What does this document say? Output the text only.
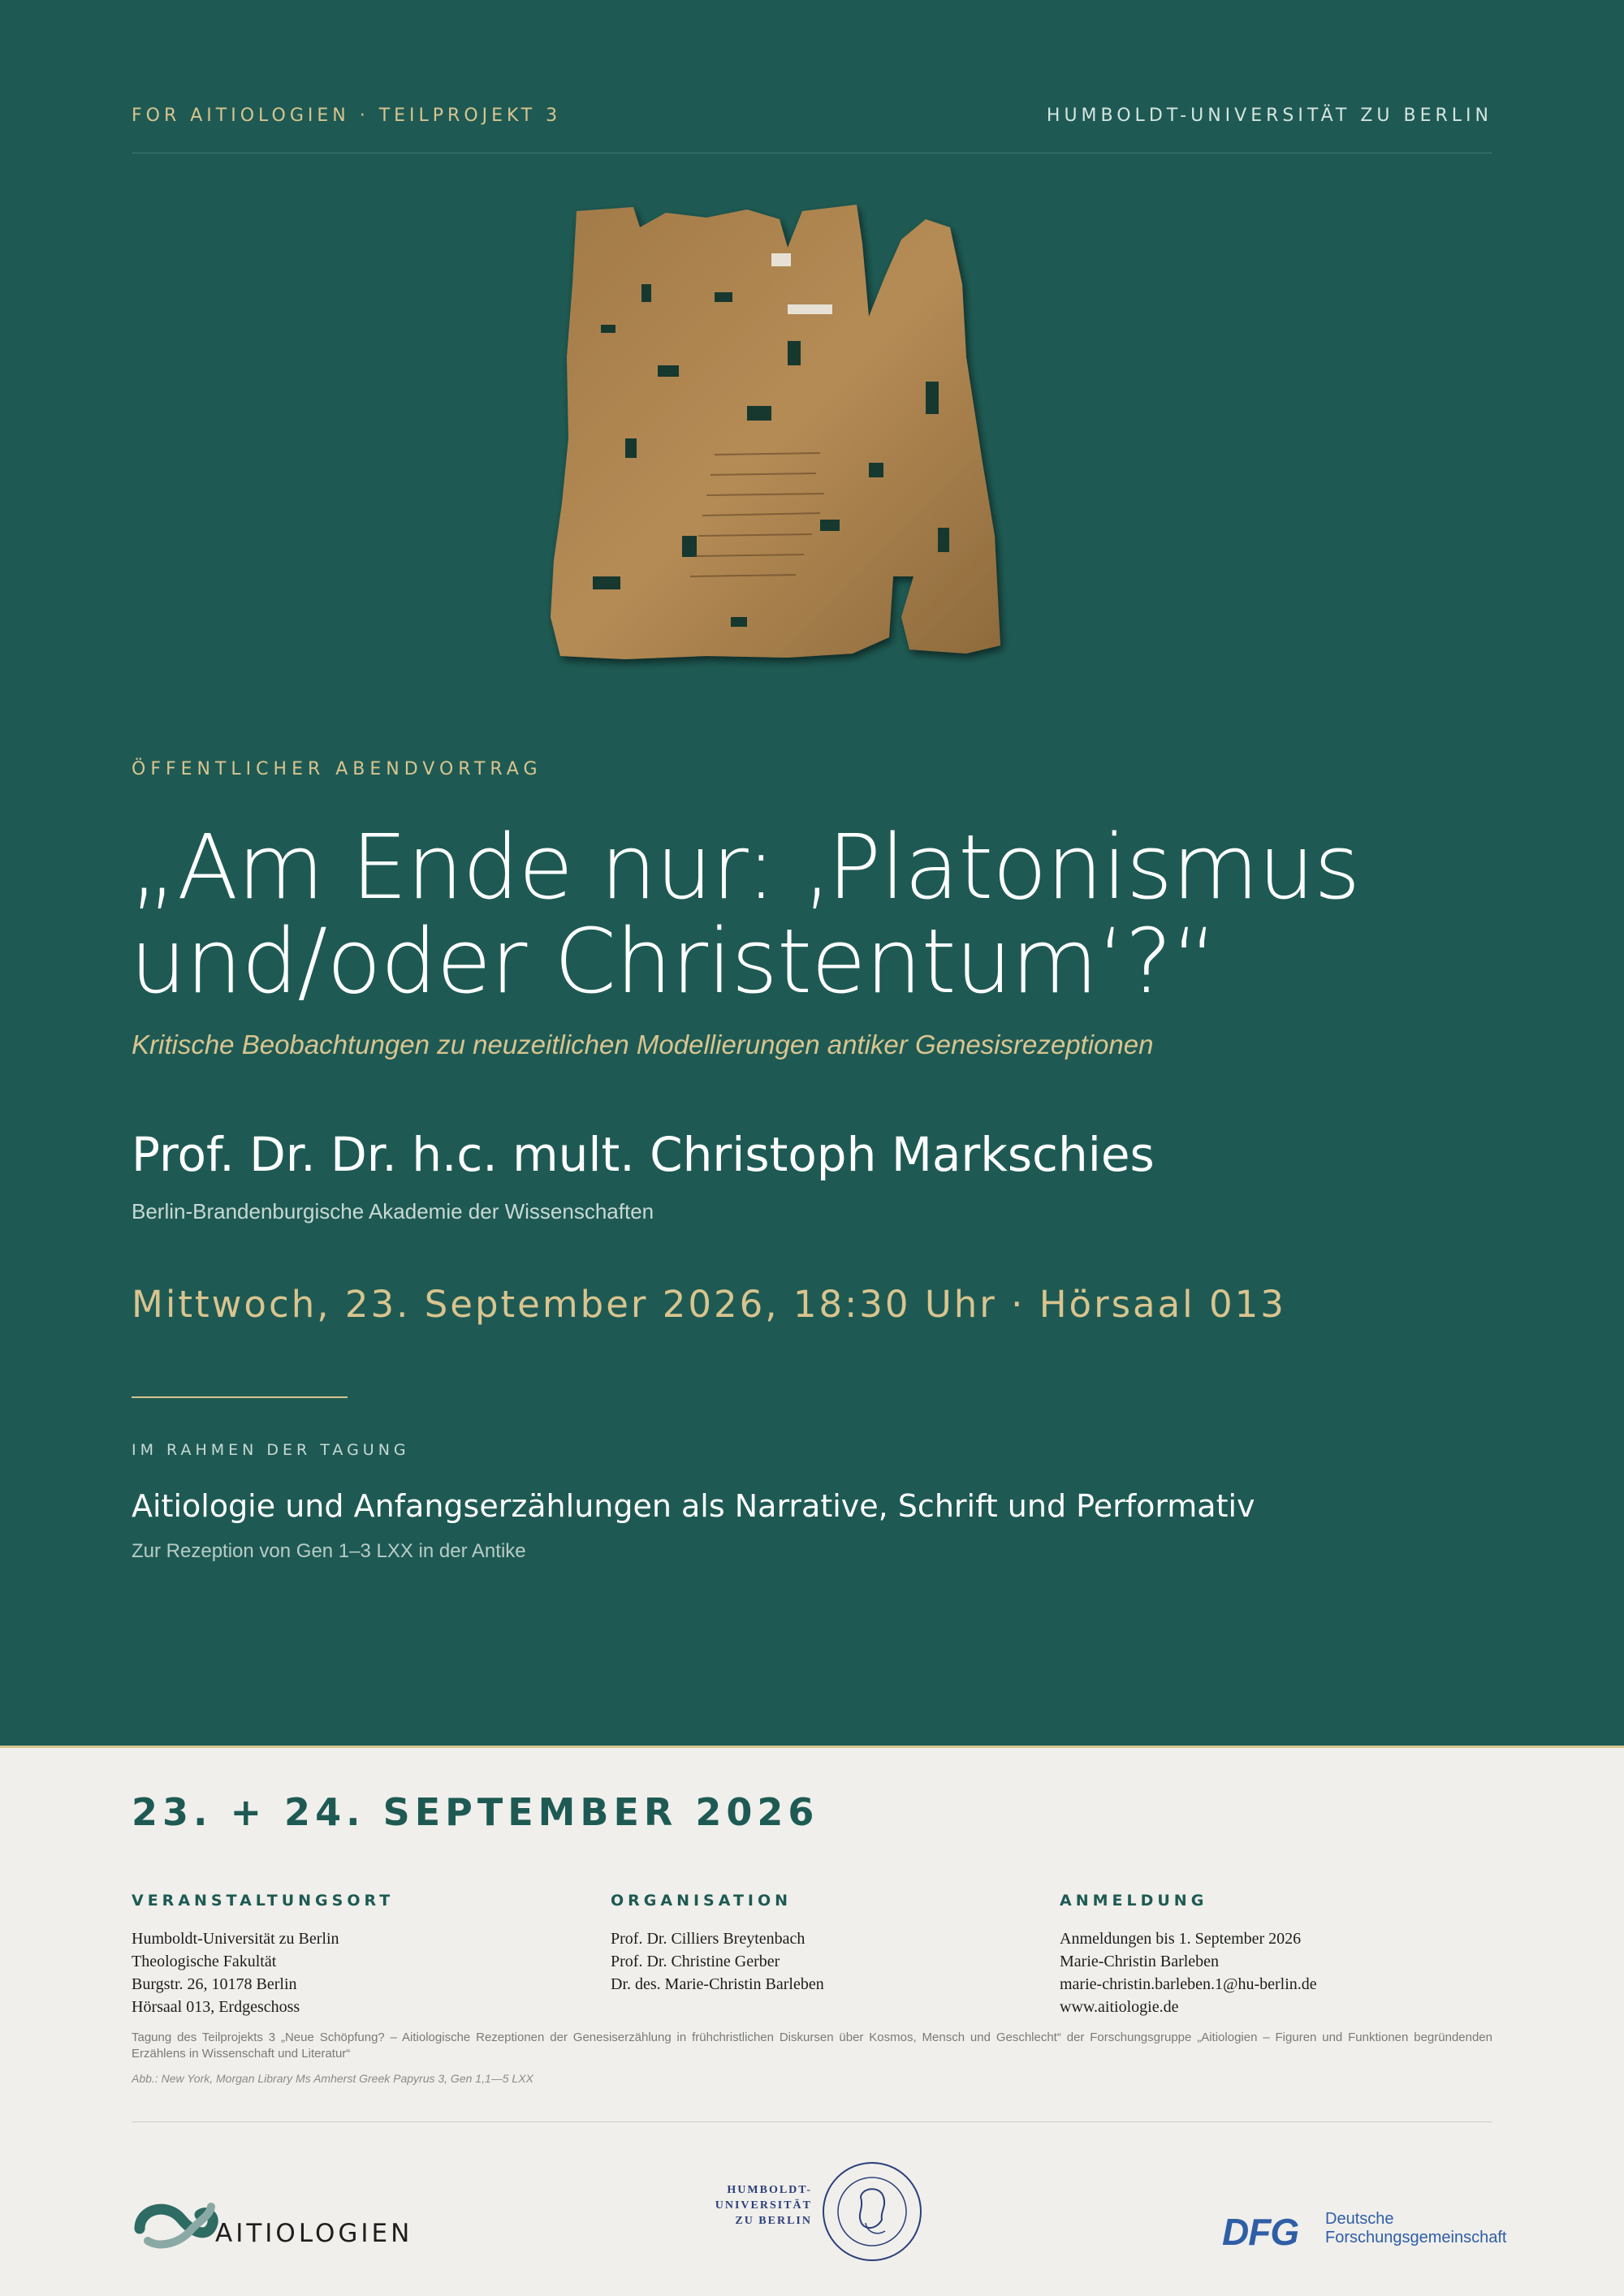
FOR AITIOLOGIEN · TEILPROJEKT 3	HUMBOLDT-UNIVERSITÄT ZU BERLIN
ÖFFENTLICHER ABENDVORTRAG
„Am Ende nur: ‚Platonismus
und/oder Christentum‘?“
Kritische Beobachtungen zu neuzeitlichen Modellierungen antiker Genesisrezeptionen
Prof. Dr. Dr. h.c. mult. Christoph Markschies
Berlin-Brandenburgische Akademie der Wissenschaften
Mittwoch, 23. September 2026, 18:30 Uhr · Hörsaal 013
IM RAHMEN DER TAGUNG
Aitiologie und Anfangserzählungen als Narrative, Schrift und Performativ
Zur Rezeption von Gen 1–3 LXX in der Antike
23. + 24. SEPTEMBER 2026
VERANSTALTUNGSORT
Humboldt-Universität zu Berlin
Theologische Fakultät
Burgstr. 26, 10178 Berlin
Hörsaal 013, Erdgeschoss
ORGANISATION
Prof. Dr. Cilliers Breytenbach
Prof. Dr. Christine Gerber
Dr. des. Marie-Christin Barleben
ANMELDUNG
Anmeldungen bis 1. September 2026
Marie-Christin Barleben
marie-christin.barleben.1@hu-berlin.de
www.aitiologie.de
Tagung des Teilprojekts 3 „Neue Schöpfung? – Aitiologische Rezeptionen der Genesiserzählung in frühchristlichen Diskursen über Kosmos, Mensch und Geschlecht“ der Forschungsgruppe „Aitiologien – Figuren und Funktionen begründenden Erzählens in Wissenschaft und Literatur“
Abb.: New York, Morgan Library Ms Amherst Greek Papyrus 3, Gen 1,1—5 LXX
AITIOLOGIEN
HUMBOLDT-
UNIVERSITÄT
ZU BERLIN	DFG Deutsche
Forschungsgemeinschaft
